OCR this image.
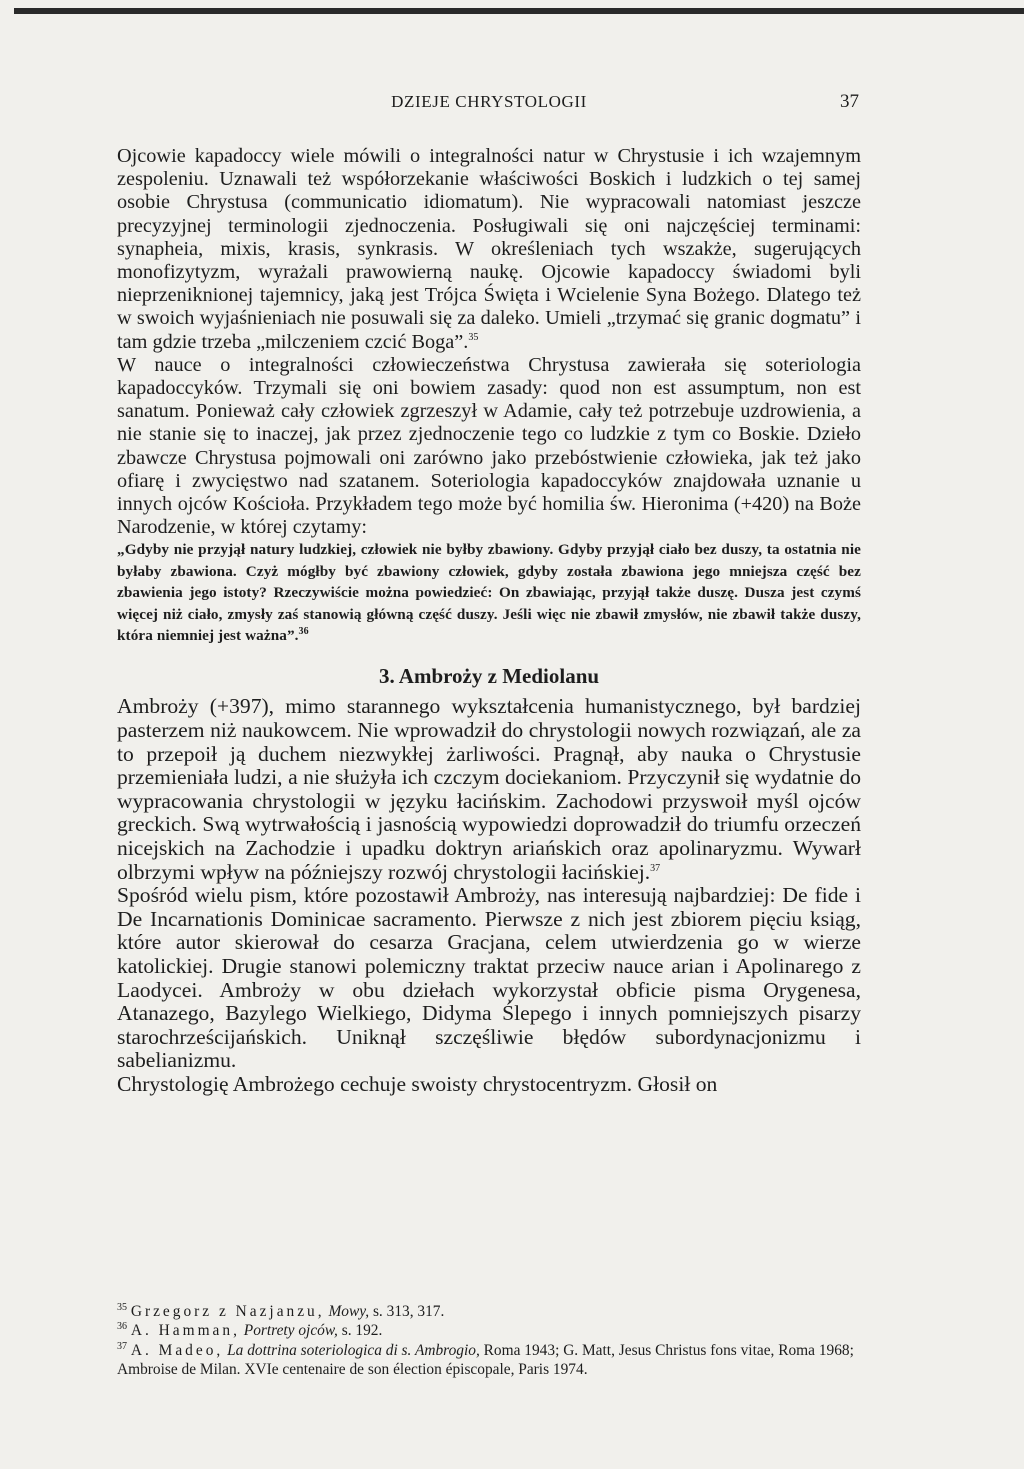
DZIEJE CHRYSTOLOGII	37

Ojcowie kapadoccy wiele mówili o integralności natur w Chrystusie i ich wzajemnym zespoleniu. Uznawali też współorzekanie właściwości Boskich i ludzkich o tej samej osobie Chrystusa (communicatio idiomatum). Nie wypracowali natomiast jeszcze precyzyjnej terminologii zjednoczenia. Posługiwali się oni najczęściej terminami: synapheia, mixis, krasis, synkrasis. W określeniach tych wszakże, sugerujących monofizytyzm, wyrażali prawowierną naukę. Ojcowie kapadoccy świadomi byli nieprzeniknionej tajemnicy, jaką jest Trójca Święta i Wcielenie Syna Bożego. Dlatego też w swoich wyjaśnieniach nie posuwali się za daleko. Umieli „trzymać się granic dogmatu” i tam gdzie trzeba „milczeniem czcić Boga”.$^{35}$

W nauce o integralności człowieczeństwa Chrystusa zawierała się soteriologia kapadoccyków. Trzymali się oni bowiem zasady: quod non est assumptum, non est sanatum. Ponieważ cały człowiek zgrzeszył w Adamie, cały też potrzebuje uzdrowienia, a nie stanie się to inaczej, jak przez zjednoczenie tego co ludzkie z tym co Boskie. Dzieło zbawcze Chrystusa pojmowali oni zarówno jako przebóstwienie człowieka, jak też jako ofiarę i zwycięstwo nad szatanem. Soteriologia kapadoccyków znajdowała uznanie u innych ojców Kościoła. Przykładem tego może być homilia św. Hieronima (+420) na Boże Narodzenie, w której czytamy:

„Gdyby nie przyjął natury ludzkiej, człowiek nie byłby zbawiony. Gdyby przyjął ciało bez duszy, ta ostatnia nie byłaby zbawiona. Czyż mógłby być zbawiony człowiek, gdyby została zbawiona jego mniejsza część bez zbawienia jego istoty? Rzeczywiście można powiedzieć: On zbawiając, przyjął także duszę. Dusza jest czymś więcej niż ciało, zmysły zaś stanowią główną część duszy. Jeśli więc nie zbawił zmysłów, nie zbawił także duszy, która niemniej jest ważna”.$^{36}$

3. Ambroży z Mediolanu

Ambroży (+397), mimo starannego wykształcenia humanistycznego, był bardziej pasterzem niż naukowcem. Nie wprowadził do chrystologii nowych rozwiązań, ale za to przepoił ją duchem niezwykłej żarliwości. Pragnął, aby nauka o Chrystusie przemieniała ludzi, a nie służyła ich czczym dociekaniom. Przyczynił się wydatnie do wypracowania chrystologii w języku łacińskim. Zachodowi przyswoił myśl ojców greckich. Swą wytrwałością i jasnością wypowiedzi doprowadził do triumfu orzeczeń nicejskich na Zachodzie i upadku doktryn ariańskich oraz apolinaryzmu. Wywarł olbrzymi wpływ na późniejszy rozwój chrystologii łacińskiej.$^{37}$

Spośród wielu pism, które pozostawił Ambroży, nas interesują najbardziej: De fide i De Incarnationis Dominicae sacramento. Pierwsze z nich jest zbiorem pięciu ksiąg, które autor skierował do cesarza Gracjana, celem utwierdzenia go w wierze katolickiej. Drugie stanowi polemiczny traktat przeciw nauce arian i Apolinarego z Laodycei. Ambroży w obu dziełach wykorzystał obficie pisma Orygenesa, Atanazego, Bazylego Wielkiego, Didyma Ślepego i innych pomniejszych pisarzy starochrześcijańskich. Uniknął szczęśliwie błędów subordynacjonizmu i sabelianizmu.

Chrystologię Ambrożego cechuje swoisty chrystocentryzm. Głosił on

$^{35}$ Grzegorz z Nazjanzu, Mowy, s. 313, 317.

$^{36}$ A. Hamman, Portrety ojców, s. 192.

$^{37}$ A. Madeo, La dottrina soteriologica di s. Ambrogio, Roma 1943; G. Matt, Jesus Christus fons vitae, Roma 1968; Ambroise de Milan. XVIe centenaire de son élection épiscopale, Paris 1974.
